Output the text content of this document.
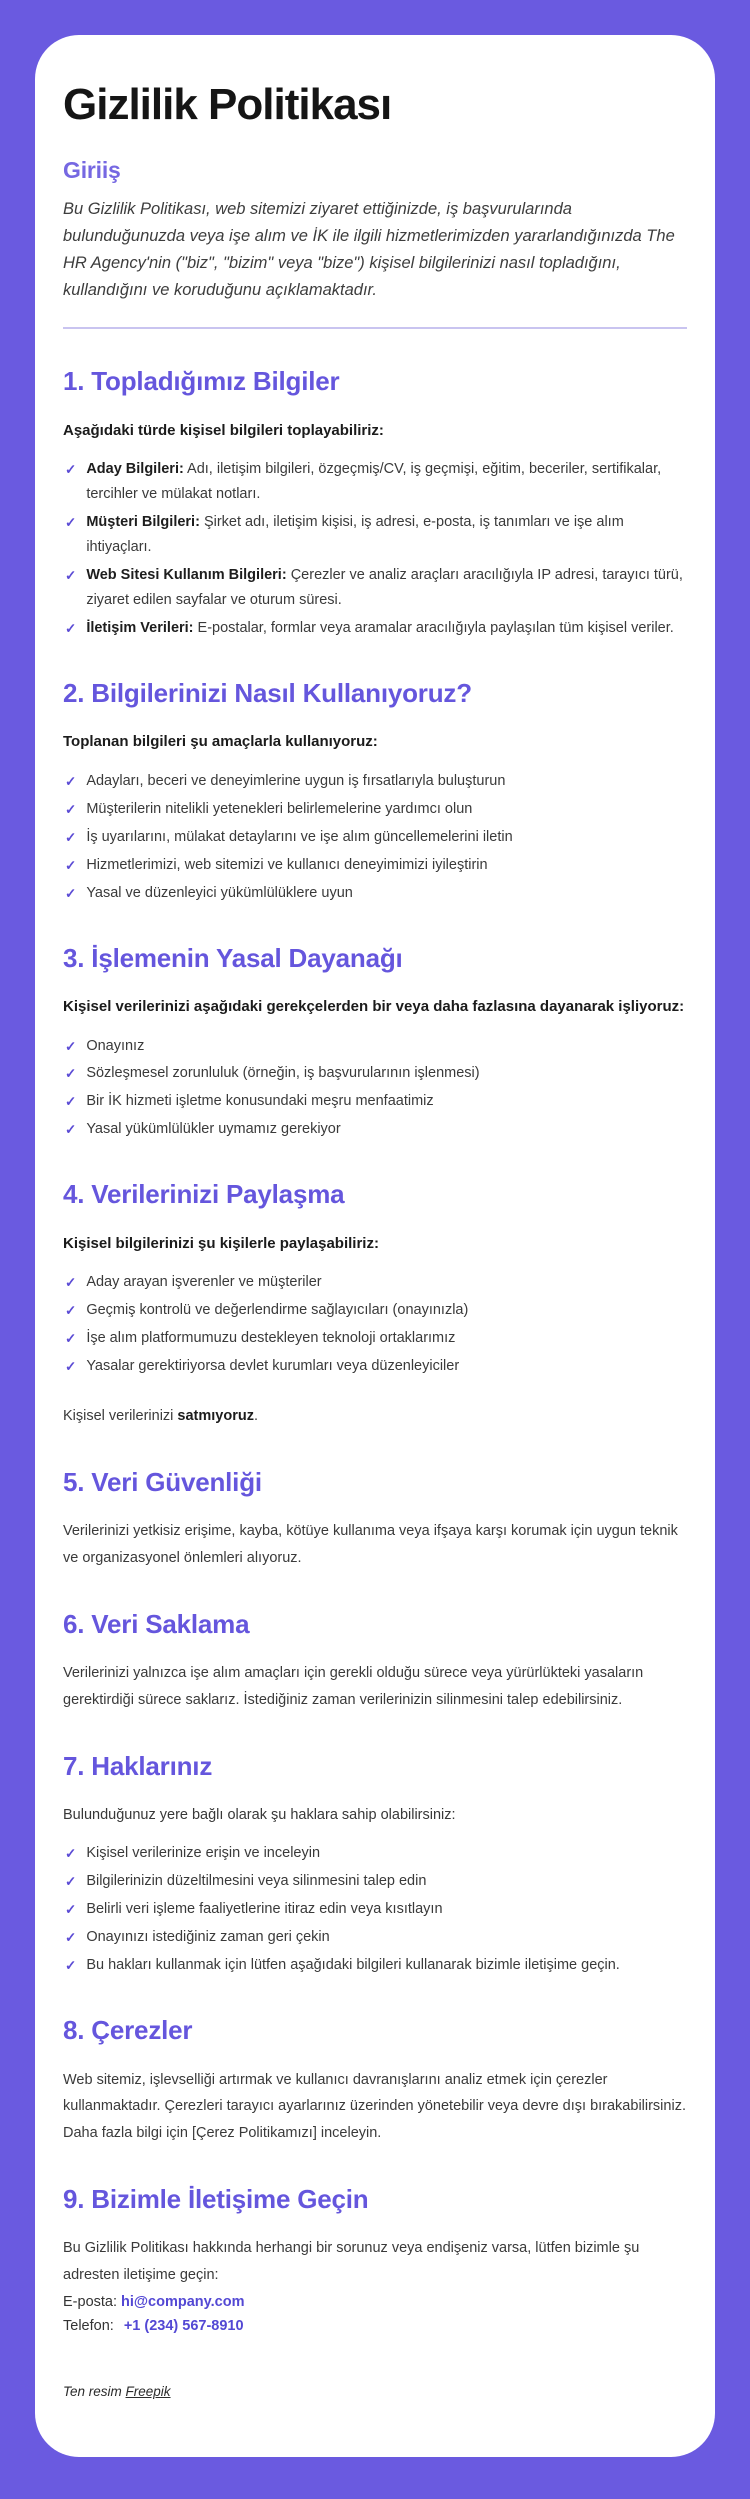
Gizlilik Politikası
Giriiş

Bu Gizlilik Politikası, web sitemizi ziyaret ettiğinizde, iş başvurularında bulunduğunuzda veya işe alım ve İK ile ilgili hizmetlerimizden yararlandığınızda The HR Agency'nin ("biz", "bizim" veya "bize") kişisel bilgilerinizi nasıl topladığını, kullandığını ve koruduğunu açıklamaktadır.

1. Topladığımız Bilgiler

Aşağıdaki türde kişisel bilgileri toplayabiliriz:

✓ Aday Bilgileri: Adı, iletişim bilgileri, özgeçmiş/CV, iş geçmişi, eğitim, beceriler, sertifikalar, tercihler ve mülakat notları.
✓ Müşteri Bilgileri: Şirket adı, iletişim kişisi, iş adresi, e-posta, iş tanımları ve işe alım ihtiyaçları.
✓ Web Sitesi Kullanım Bilgileri: Çerezler ve analiz araçları aracılığıyla IP adresi, tarayıcı türü, ziyaret edilen sayfalar ve oturum süresi.
✓ İletişim Verileri: E-postalar, formlar veya aramalar aracılığıyla paylaşılan tüm kişisel veriler.
2. Bilgilerinizi Nasıl Kullanıyoruz?

Toplanan bilgileri şu amaçlarla kullanıyoruz:

✓ Adayları, beceri ve deneyimlerine uygun iş fırsatlarıyla buluşturun
✓ Müşterilerin nitelikli yetenekleri belirlemelerine yardımcı olun
✓ İş uyarılarını, mülakat detaylarını ve işe alım güncellemelerini iletin
✓ Hizmetlerimizi, web sitemizi ve kullanıcı deneyimimizi iyileştirin
✓ Yasal ve düzenleyici yükümlülüklere uyun
3. İşlemenin Yasal Dayanağı

Kişisel verilerinizi aşağıdaki gerekçelerden bir veya daha fazlasına dayanarak işliyoruz:

✓ Onayınız
✓ Sözleşmesel zorunluluk (örneğin, iş başvurularının işlenmesi)
✓ Bir İK hizmeti işletme konusundaki meşru menfaatimiz
✓ Yasal yükümlülükler uymamız gerekiyor
4. Verilerinizi Paylaşma

Kişisel bilgilerinizi şu kişilerle paylaşabiliriz:

✓ Aday arayan işverenler ve müşteriler
✓ Geçmiş kontrolü ve değerlendirme sağlayıcıları (onayınızla)
✓ İşe alım platformumuzu destekleyen teknoloji ortaklarımız
✓ Yasalar gerektiriyorsa devlet kurumları veya düzenleyiciler

Kişisel verilerinizi satmıyoruz.

5. Veri Güvenliği

Verilerinizi yetkisiz erişime, kayba, kötüye kullanıma veya ifşaya karşı korumak için uygun teknik ve organizasyonel önlemleri alıyoruz.

6. Veri Saklama

Verilerinizi yalnızca işe alım amaçları için gerekli olduğu sürece veya yürürlükteki yasaların gerektirdiği sürece saklarız. İstediğiniz zaman verilerinizin silinmesini talep edebilirsiniz.

7. Haklarınız

Bulunduğunuz yere bağlı olarak şu haklara sahip olabilirsiniz:

✓ Kişisel verilerinize erişin ve inceleyin
✓ Bilgilerinizin düzeltilmesini veya silinmesini talep edin
✓ Belirli veri işleme faaliyetlerine itiraz edin veya kısıtlayın
✓ Onayınızı istediğiniz zaman geri çekin
✓ Bu hakları kullanmak için lütfen aşağıdaki bilgileri kullanarak bizimle iletişime geçin.
8. Çerezler

Web sitemiz, işlevselliği artırmak ve kullanıcı davranışlarını analiz etmek için çerezler kullanmaktadır. Çerezleri tarayıcı ayarlarınız üzerinden yönetebilir veya devre dışı bırakabilirsiniz. Daha fazla bilgi için [Çerez Politikamızı] inceleyin.

9. Bizimle İletişime Geçin

Bu Gizlilik Politikası hakkında herhangi bir sorunuz veya endişeniz varsa, lütfen bizimle şu adresten iletişime geçin:

E-posta: hi@company.com

Telefon: +1 (234) 567-8910

Ten resim Freepik
